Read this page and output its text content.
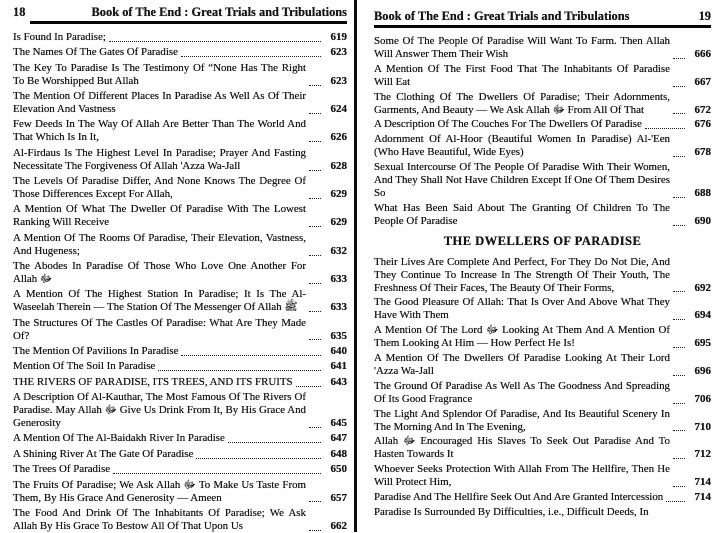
18	Book of The End : Great Trials and Tribulations
Is Found In Paradise;	619
The Names Of The Gates Of Paradise	623
The Key To Paradise Is The Testimony Of “None Has The Right To Be Worshipped But Allah	623
The Mention Of Different Places In Paradise As Well As Of Their Elevation And Vastness	624
Few Deeds In The Way Of Allah Are Better Than The World And That Which Is In It,	626
Al-Firdaus Is The Highest Level In Paradise; Prayer And Fasting Necessitate The Forgiveness Of Allah 'Azza Wa-Jall	628
The Levels Of Paradise Differ, And None Knows The Degree Of Those Differences Except For Allah,	629
A Mention Of What The Dweller Of Paradise With The Lowest Ranking Will Receive	629
A Mention Of The Rooms Of Paradise, Their Elevation, Vastness, And Hugeness;	632
The Abodes In Paradise Of Those Who Love One Another For Allah ﷻ	633
A Mention Of The Highest Station In Paradise; It Is The Al-Waseelah Therein — The Station Of The Messenger Of Allah ﷺ	633
The Structures Of The Castles Of Paradise: What Are They Made Of?	635
The Mention Of Pavilions In Paradise	640
Mention Of The Soil In Paradise	641
THE RIVERS OF PARADISE, ITS TREES, AND ITS FRUITS	643
A Description Of Al-Kauthar, The Most Famous Of The Rivers Of Paradise. May Allah ﷻ Give Us Drink From It, By His Grace And Generosity	645
A Mention Of The Al-Baidakh River In Paradise	647
A Shining River At The Gate Of Paradise	648
The Trees Of Paradise	650
The Fruits Of Paradise; We Ask Allah ﷻ To Make Us Taste From Them, By His Grace And Generosity — Ameen	657
The Food And Drink Of The Inhabitants Of Paradise; We Ask Allah By His Grace To Bestow All Of That Upon Us	662
Book of The End : Great Trials and Tribulations	19
Some Of The People Of Paradise Will Want To Farm. Then Allah Will Answer Them Their Wish	666
A Mention Of The First Food That The Inhabitants Of Paradise Will Eat	667
The Clothing Of The Dwellers Of Paradise; Their Adornments, Garments, And Beauty — We Ask Allah ﷻ From All Of That	672
A Description Of The Couches For The Dwellers Of Paradise	676
Adornment Of Al-Hoor (Beautiful Women In Paradise) Al-'Een (Who Have Beautiful, Wide Eyes)	678
Sexual Intercourse Of The People Of Paradise With Their Women, And They Shall Not Have Children Except If One Of Them Desires So	688
What Has Been Said About The Granting Of Children To The People Of Paradise	690
THE DWELLERS OF PARADISE
Their Lives Are Complete And Perfect, For They Do Not Die, And They Continue To Increase In The Strength Of Their Youth, The Freshness Of Their Faces, The Beauty Of Their Forms,	692
The Good Pleasure Of Allah: That Is Over And Above What They Have With Them	694
A Mention Of The Lord ﷻ Looking At Them And A Mention Of Them Looking At Him — How Perfect He Is!	695
A Mention Of The Dwellers Of Paradise Looking At Their Lord 'Azza Wa-Jall	696
The Ground Of Paradise As Well As The Goodness And Spreading Of Its Good Fragrance	706
The Light And Splendor Of Paradise, And Its Beautiful Scenery In The Morning And In The Evening,	710
Allah ﷻ Encouraged His Slaves To Seek Out Paradise And To Hasten Towards It	712
Whoever Seeks Protection With Allah From The Hellfire, Then He Will Protect Him,	714
Paradise And The Hellfire Seek Out And Are Granted Intercession	714
Paradise Is Surrounded By Difficulties, i.e., Difficult Deeds, In
